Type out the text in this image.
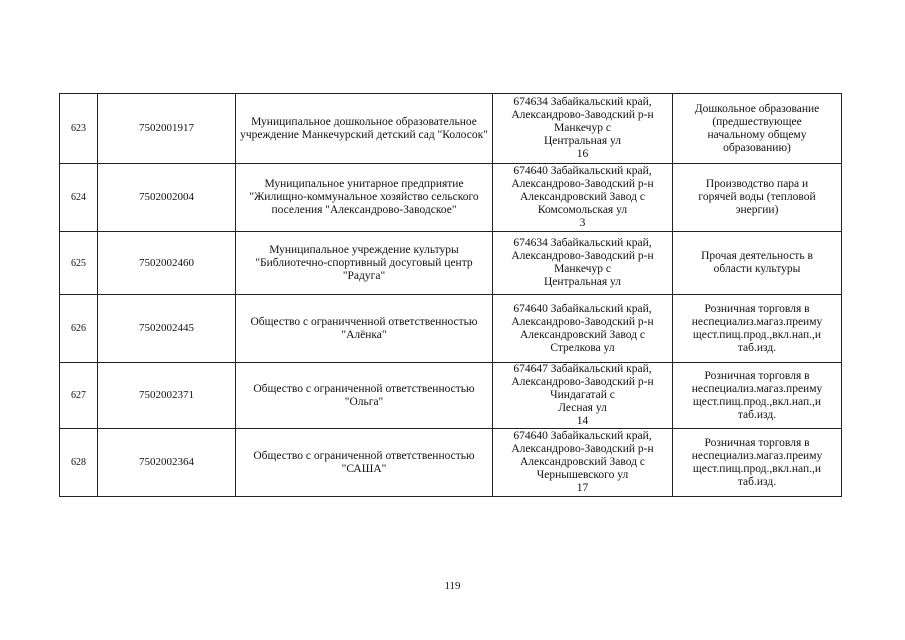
623	7502001917	Муниципальное дошкольное образовательное учреждение Манкечурский детский сад "Колосок"	674634 Забайкальский край,
Александрово-Заводский р-н
Манкечур с
Центральная ул
16	Дошкольное образование
(предшествующее
начальному общему
образованию)

624	7502002004	Муниципальное унитарное предприятие "Жилищно-коммунальное хозяйство сельского поселения "Александрово-Заводское"	674640 Забайкальский край,
Александрово-Заводский р-н
Александровский Завод с
Комсомольская ул
3	Производство пара и
горячей воды (тепловой
энергии)

625	7502002460	Муниципальное учреждение культуры "Библиотечно-спортивный досуговый центр "Радуга"	674634 Забайкальский край,
Александрово-Заводский р-н
Манкечур с
Центральная ул	Прочая деятельность в
области культуры

626	7502002445	Общество с ограничченной ответственностью "Алёнка"	674640 Забайкальский край,
Александрово-Заводский р-н
Александровский Завод с
Стрелкова ул	Розничная торговля в
неспециализ.магаз.преиму
щест.пищ.прод.,вкл.нап.,и
таб.изд.

627	7502002371	Общество с ограниченной ответственностью "Ольга"	674647 Забайкальский край,
Александрово-Заводский р-н
Чиндагатай с
Лесная ул
14	Розничная торговля в
неспециализ.магаз.преиму
щест.пищ.прод.,вкл.нап.,и
таб.изд.

628	7502002364	Общество с ограниченной ответственностью "САША"	674640 Забайкальский край,
Александрово-Заводский р-н
Александровский Завод с
Чернышевского ул
17	Розничная торговля в
неспециализ.магаз.преиму
щест.пищ.прод.,вкл.нап.,и
таб.изд.
119
